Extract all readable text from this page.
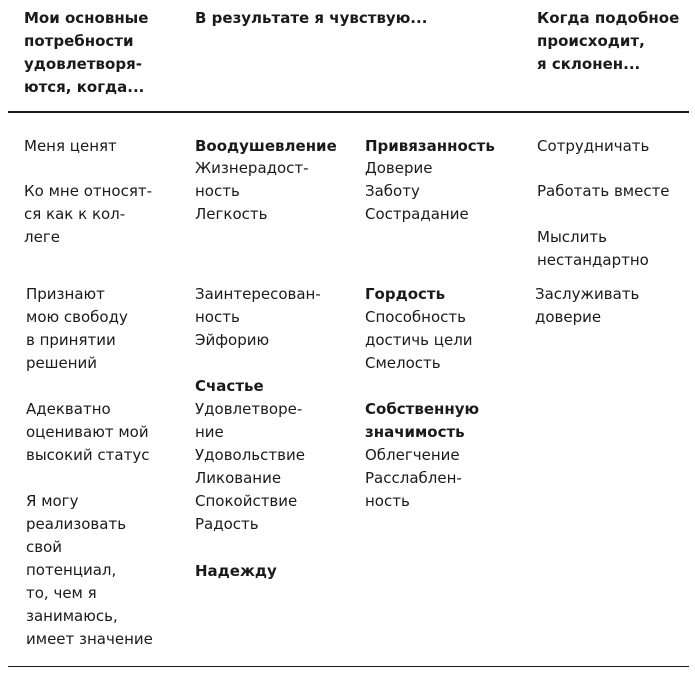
Мои основные
потребности
удовлетворя-
ются, когда...
В результате я чувствую...	Когда подобное
происходит,
я склонен...
Меня ценят
Ко мне относят-
ся как к кол-
леге
Признают
мою свободу
в принятии
решений
Адекватно
оценивают мой
высокий статус
Я могу
реализовать
свой
потенциал,
то, чем я
занимаюсь,
имеет значение
Воодушевление
Жизнерадост-
ность
Легкость
Заинтересован-
ность
Эйфорию
Счастье
Удовлетворе-
ние
Удовольствие
Ликование
Спокойствие
Радость
Надежду
Привязанность
Доверие
Заботу
Сострадание
Гордость
Способность
достичь цели
Смелость
Собственную
значимость
Облегчение
Расслаблен-
ность
Сотрудничать
Работать вместе
Мыслить
нестандартно
Заслуживать
доверие
